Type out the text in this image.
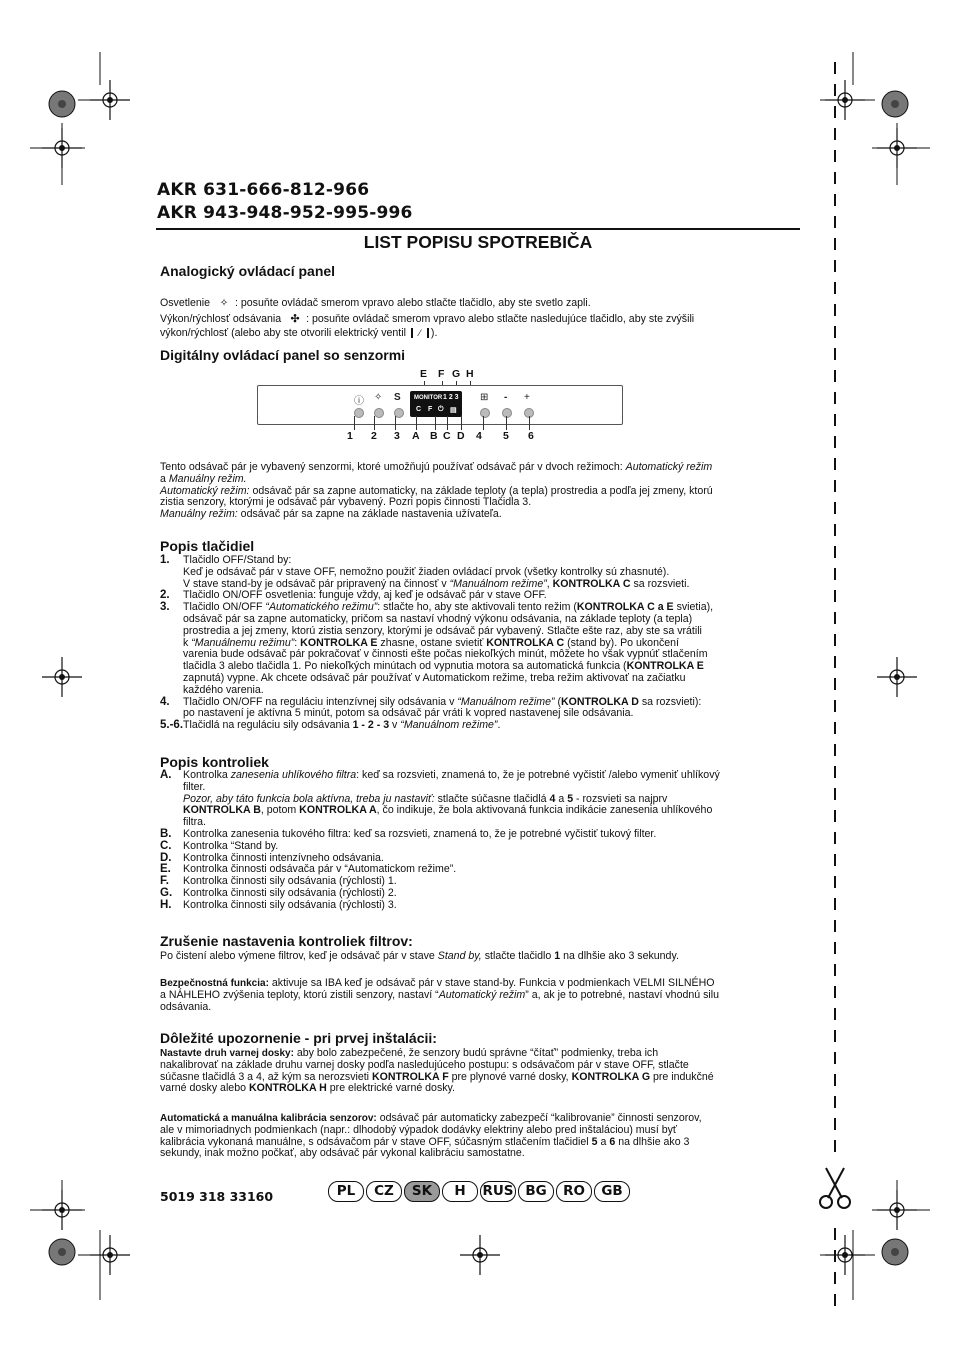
AKR 631-666-812-966
AKR 943-948-952-995-996
LIST POPISU SPOTREBIČA
Analogický ovládací panel
Osvetlenie ✧ : posuňte ovládač smerom vpravo alebo stlačte tlačidlo, aby ste svetlo zapli.
Výkon/rýchlosť odsávania ✣ : posuňte ovládač smerom vpravo alebo stlačte nasledujúce tlačidlo, aby ste zvýšili
výkon/rýchlosť (alebo aby ste otvorili elektrický ventil ⁄ ).
Digitálny ovládací panel so senzormi
E F G H
ⓘ ✧ S MONITOR 1 2 3
C F ⏻ ▤
⊞ - +
1 2 3 A B C D 4 5 6
Tento odsávač pár je vybavený senzormi, ktoré umožňujú používať odsávač pár v dvoch režimoch: Automatický režim
a Manuálny režim.
Automatický režim: odsávač pár sa zapne automaticky, na základe teploty (a tepla) prostredia a podľa jej zmeny, ktorú
zistia senzory, ktorými je odsávač pár vybavený. Pozri popis činnosti Tlačidla 3.
Manuálny režim: odsávač pár sa zapne na základe nastavenia užívateľa.
Popis tlačidiel
1.	Tlačidlo OFF/Stand by:
Keď je odsávač pár v stave OFF, nemožno použiť žiaden ovládací prvok (všetky kontrolky sú zhasnuté).
V stave stand-by je odsávač pár pripravený na činnosť v “Manuálnom režime”, KONTROLKA C sa rozsvieti.
2.	Tlačidlo ON/OFF osvetlenia: funguje vždy, aj keď je odsávač pár v stave OFF.
3.	Tlačidlo ON/OFF “Automatického režimu”: stlačte ho, aby ste aktivovali tento režim (KONTROLKA C a E svietia),
odsávač pár sa zapne automaticky, pričom sa nastaví vhodný výkonu odsávania, na základe teploty (a tepla)
prostredia a jej zmeny, ktorú zistia senzory, ktorými je odsávač pár vybavený. Stlačte ešte raz, aby ste sa vrátili
k “Manuálnemu režimu”: KONTROLKA E zhasne, ostane svietiť KONTROLKA C (stand by). Po ukončení
varenia bude odsávač pár pokračovať v činnosti ešte počas niekoľkých minút, môžete ho však vypnúť stlačením
tlačidla 3 alebo tlačidla 1. Po niekoľkých minútach od vypnutia motora sa automatická funkcia (KONTROLKA E
zapnutá) vypne. Ak chcete odsávač pár používať v Automatickom režime, treba režim aktivovať na začiatku
každého varenia.
4.	Tlačidlo ON/OFF na reguláciu intenzívnej sily odsávania v “Manuálnom režime” (KONTROLKA D sa rozsvieti):
po nastavení je aktívna 5 minút, potom sa odsávač pár vráti k vopred nastavenej sile odsávania.
5.-6. Tlačidlá na reguláciu sily odsávania 1 - 2 - 3 v “Manuálnom režime”.
Popis kontroliek
A.	Kontrolka zanesenia uhlíkového filtra: keď sa rozsvieti, znamená to, že je potrebné vyčistiť /alebo vymeniť uhlíkový
filter.
Pozor, aby táto funkcia bola aktívna, treba ju nastaviť: stlačte súčasne tlačidlá 4 a 5 - rozsvieti sa najprv
KONTROLKA B, potom KONTROLKA A, čo indikuje, že bola aktivovaná funkcia indikácie zanesenia uhlíkového
filtra.
B.	Kontrolka zanesenia tukového filtra: keď sa rozsvieti, znamená to, že je potrebné vyčistiť tukový filter.
C.	Kontrolka “Stand by.
D.	Kontrolka činnosti intenzívneho odsávania.
E.	Kontrolka činnosti odsávača pár v “Automatickom režime”.
F.	Kontrolka činnosti sily odsávania (rýchlosti) 1.
G.	Kontrolka činnosti sily odsávania (rýchlosti) 2.
H.	Kontrolka činnosti sily odsávania (rýchlosti) 3.
Zrušenie nastavenia kontroliek filtrov:
Po čistení alebo výmene filtrov, keď je odsávač pár v stave Stand by, stlačte tlačidlo 1 na dlhšie ako 3 sekundy.
Bezpečnostná funkcia: aktivuje sa IBA keď je odsávač pár v stave stand-by. Funkcia v podmienkach VELMI SILNÉHO
a NÁHLEHO zvýšenia teploty, ktorú zistili senzory, nastaví “Automatický režim” a, ak je to potrebné, nastaví vhodnú silu
odsávania.
Dôležité upozornenie - pri prvej inštalácii:
Nastavte druh varnej dosky: aby bolo zabezpečené, že senzory budú správne “čítať” podmienky, treba ich
nakalibrovať na základe druhu varnej dosky podľa nasledujúceho postupu: s odsávačom pár v stave OFF, stlačte
súčasne tlačidlá 3 a 4, až kým sa nerozsvieti KONTROLKA F pre plynové varné dosky, KONTROLKA G pre indukčné
varné dosky alebo KONTROLKA H pre elektrické varné dosky.
Automatická a manuálna kalibrácia senzorov: odsávač pár automaticky zabezpečí “kalibrovanie” činnosti senzorov,
ale v mimoriadnych podmienkach (napr.: dlhodobý výpadok dodávky elektriny alebo pred inštaláciou) musí byť
kalibrácia vykonaná manuálne, s odsávačom pár v stave OFF, súčasným stlačením tlačidiel 5 a 6 na dlhšie ako 3
sekundy, inak možno počkať, aby odsávač pár vykonal kalibráciu samostatne.
5019 318 33160	PL CZ SK H RUS BG RO GB
